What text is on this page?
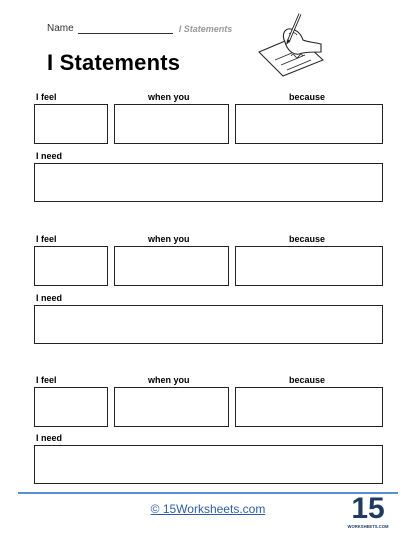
Name	I Statements
I Statements
I feel	when you	because
I need
I feel	when you	because
I need
I feel	when you	because
I need
© 15Worksheets.com	15
WORKSHEETS.COM
